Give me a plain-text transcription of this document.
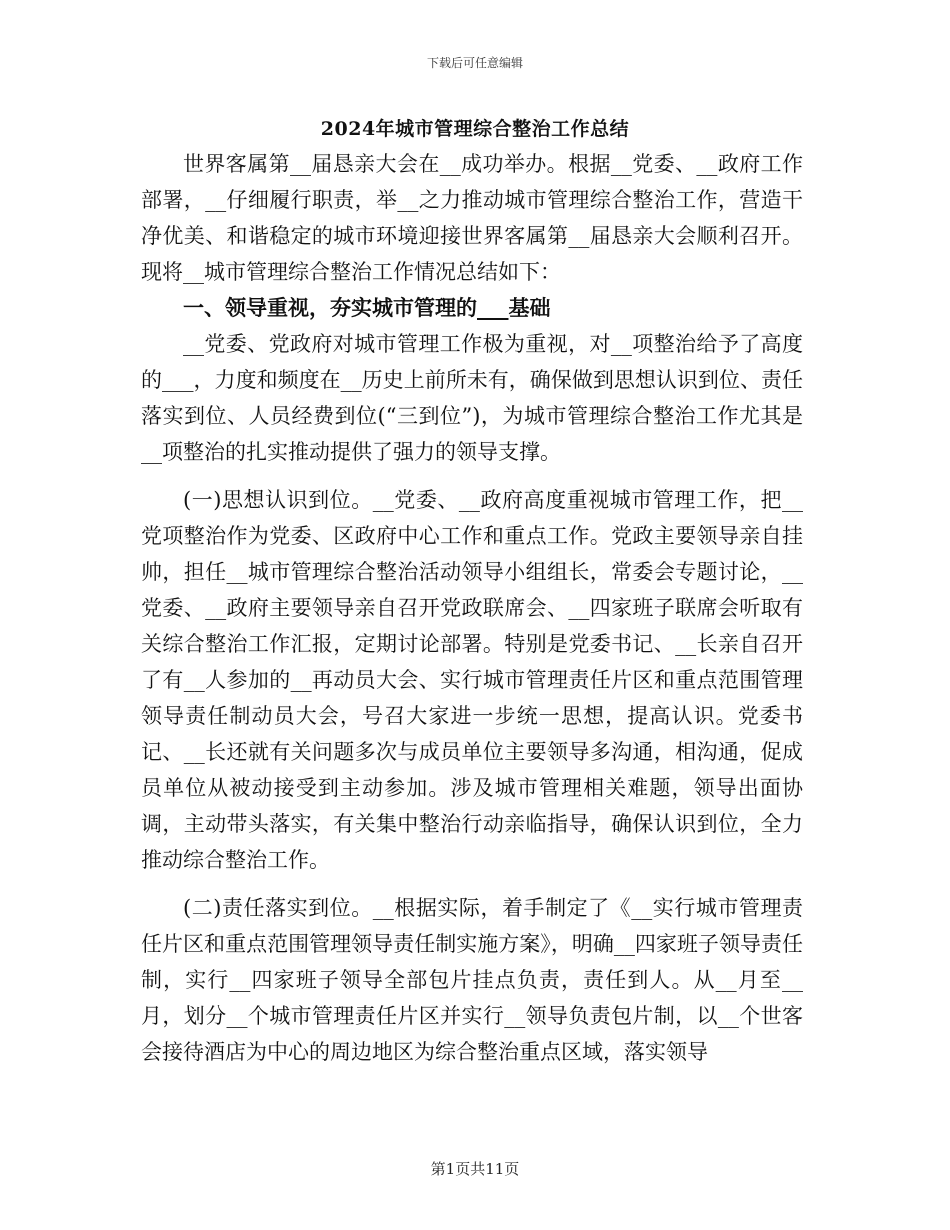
下载后可任意编辑
2024年城市管理综合整治工作总结

世界客属第__届恳亲大会在__成功举办。根据__党委、__政府工作部署，__仔细履行职责，举__之力推动城市管理综合整治工作，营造干净优美、和谐稳定的城市环境迎接世界客属第__届恳亲大会顺利召开。现将__城市管理综合整治工作情况总结如下：

一、领导重视，夯实城市管理的___基础

__党委、党政府对城市管理工作极为重视，对__项整治给予了高度的___，力度和频度在__历史上前所未有，确保做到思想认识到位、责任落实到位、人员经费到位(“三到位”)，为城市管理综合整治工作尤其是__项整治的扎实推动提供了强力的领导支撑。

(一)思想认识到位。__党委、__政府高度重视城市管理工作，把__党项整治作为党委、区政府中心工作和重点工作。党政主要领导亲自挂帅，担任__城市管理综合整治活动领导小组组长，常委会专题讨论，__党委、__政府主要领导亲自召开党政联席会、__四家班子联席会听取有关综合整治工作汇报，定期讨论部署。特别是党委书记、__长亲自召开了有__人参加的__再动员大会、实行城市管理责任片区和重点范围管理领导责任制动员大会，号召大家进一步统一思想，提高认识。党委书记、__长还就有关问题多次与成员单位主要领导多沟通，相沟通，促成员单位从被动接受到主动参加。涉及城市管理相关难题，领导出面协调，主动带头落实，有关集中整治行动亲临指导，确保认识到位，全力推动综合整治工作。

(二)责任落实到位。__根据实际，着手制定了《__实行城市管理责任片区和重点范围管理领导责任制实施方案》，明确__四家班子领导责任制，实行__四家班子领导全部包片挂点负责，责任到人。从__月至__月，划分__个城市管理责任片区并实行__领导负责包片制，以__个世客会接待酒店为中心的周边地区为综合整治重点区域，落实领导

第1页共11页
